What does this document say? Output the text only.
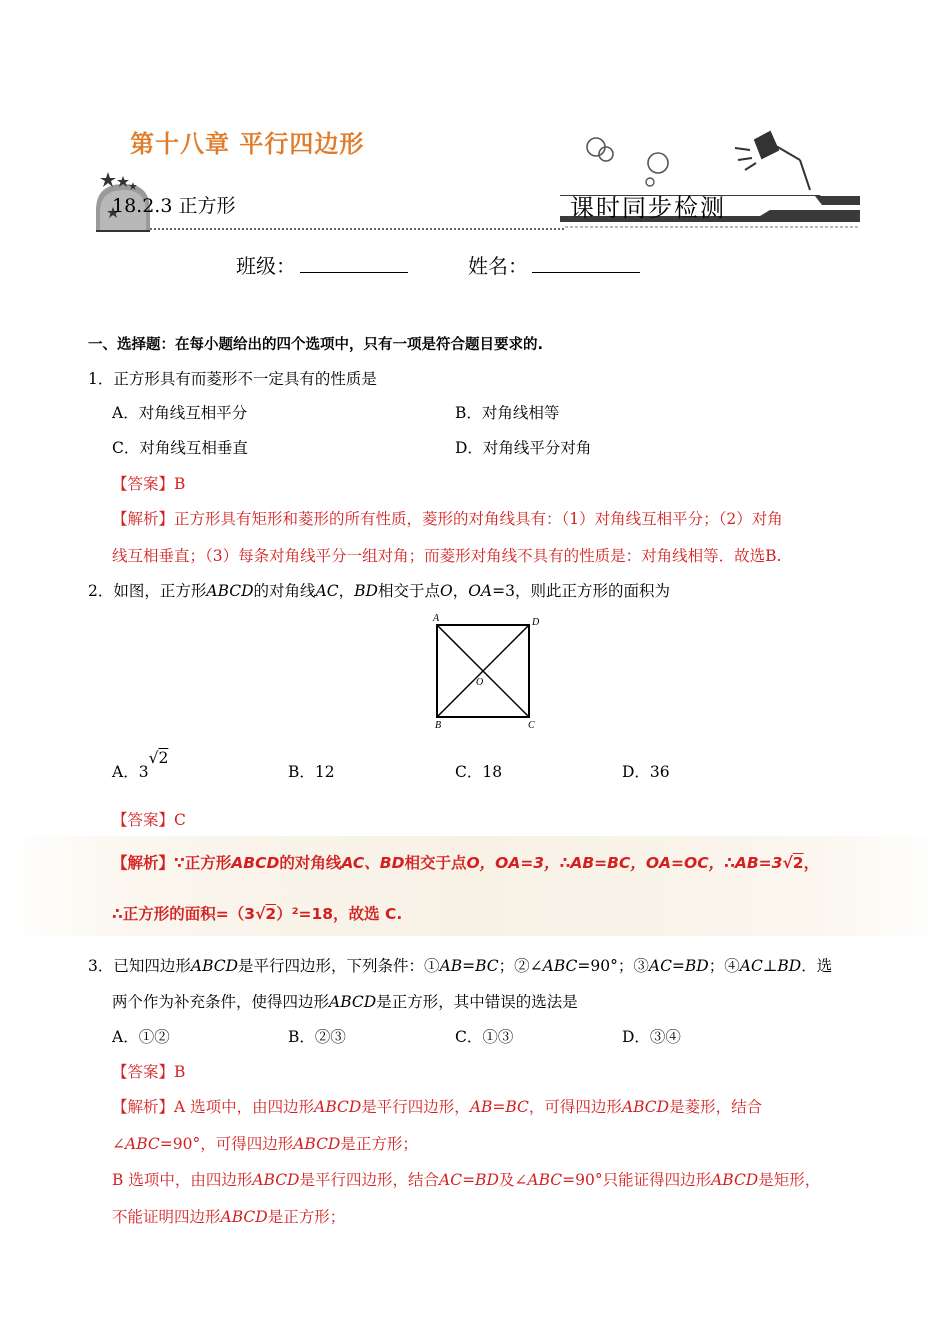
第十八章 平行四边形
18.2.3 正方形	课时同步检测
班级：	姓名：
一、选择题：在每小题给出的四个选项中，只有一项是符合题目要求的.
1．正方形具有而菱形不一定具有的性质是
A．对角线互相平分	B．对角线相等
C．对角线互相垂直	D．对角线平分对角
【答案】B
【解析】正方形具有矩形和菱形的所有性质，菱形的对角线具有：（1）对角线互相平分；（2）对角
线互相垂直；（3）每条对角线平分一组对角；而菱形对角线不具有的性质是：对角线相等．故选B.
2．如图，正方形ABCD的对角线AC，BD相交于点O，OA=3，则此正方形的面积为
A	D
B	C
O
A．3√2
B．12	C．18	D．36
【答案】C
【解析】∵正方形ABCD的对角线AC、BD相交于点O，OA=3，∴AB=BC，OA=OC，∴AB=3√2，
∴正方形的面积=（3√2）²=18，故选 C.
3．已知四边形ABCD是平行四边形，下列条件：①AB=BC；②∠ABC=90°；③AC=BD；④AC⊥BD．选
两个作为补充条件，使得四边形ABCD是正方形，其中错误的选法是
A．①②	B．②③	C．①③	D．③④
【答案】B
【解析】A 选项中，由四边形ABCD是平行四边形，AB=BC，可得四边形ABCD是菱形，结合
∠ABC=90°，可得四边形ABCD是正方形；
B 选项中，由四边形ABCD是平行四边形，结合AC=BD及∠ABC=90°只能证得四边形ABCD是矩形，
不能证明四边形ABCD是正方形；
